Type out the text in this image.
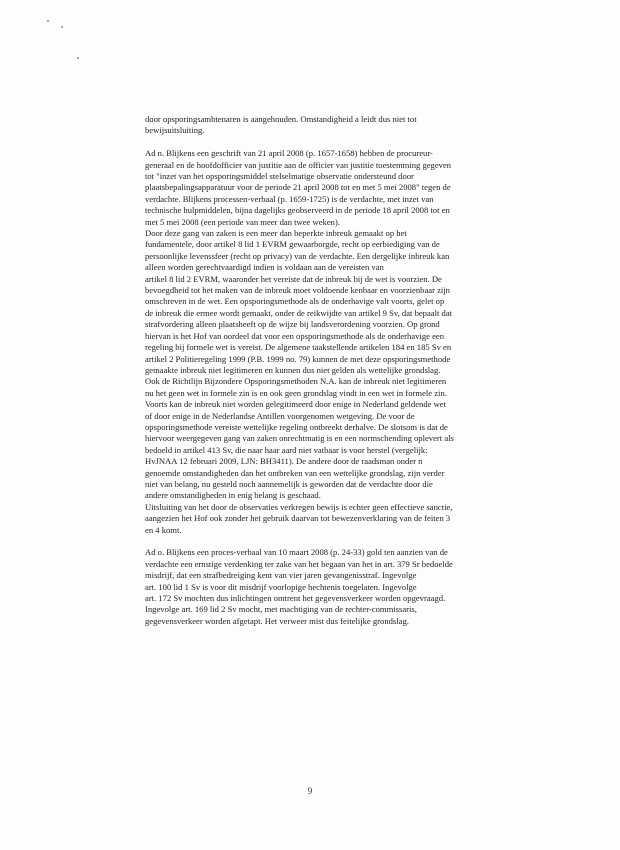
door opsporingsambtenaren is aangehouden. Omstandigheid a leidt dus niet tot
bewijsuitsluiting.
Ad n. Blijkens een geschrift van 21 april 2008 (p. 1657-1658) hebben de procureur-
generaal en de hoofdofficier van justitie aan de officier van justitie toestemming gegeven
tot "inzet van het opsporingsmiddel stelselmatige observatie ondersteund door
plaatsbepalingsapparatuur voor de periode 21 april 2008 tot en met 5 mei 2008" tegen de
verdachte. Blijkens processen-verbaal (p. 1659-1725) is de verdachte, met inzet van
technische hulpmiddelen, bijna dagelijks geobserveerd in de periode 18 april 2008 tot en
met 5 mei 2008 (een periode van meer dan twee weken).
Door deze gang van zaken is een meer dan beperkte inbreuk gemaakt op het
fundamentele, door artikel 8 lid 1 EVRM gewaarborgde, recht op eerbiediging van de
persoonlijke levenssfeer (recht op privacy) van de verdachte. Een dergelijke inbreuk kan
alleen worden gerechtvaardigd indien is voldaan aan de vereisten van
artikel 8 lid 2 EVRM, waaronder het vereiste dat de inbreuk bij de wet is voorzien. De
bevoegdheid tot het maken van de inbreuk moet voldoende kenbaar en voorzienbaar zijn
omschreven in de wet. Een opsporingsmethode als de onderhavige valt voorts, gelet op
de inbreuk die ermee wordt gemaakt, onder de reikwijdte van artikel 9 Sv, dat bepaalt dat
strafvordering alleen plaatsheeft op de wijze bij landsverordening voorzien. Op grond
hiervan is het Hof van oordeel dat voor een opsporingsmethode als de onderhavige een
regeling bij formele wet is vereist. De algemene taakstellende artikelen 184 en 185 Sv en
artikel 2 Politieregeling 1999 (P.B. 1999 no. 79) kunnen de met deze opsporingsmethode
gemaakte inbreuk niet legitimeren en kunnen dus niet gelden als wettelijke grondslag.
Ook de Richtlijn Bijzondere Opsporingsmethoden N.A. kan de inbreuk niet legitimeren
nu het geen wet in formele zin is en ook geen grondslag vindt in een wet in formele zin.
Voorts kan de inbreuk niet worden gelegitimeerd door enige in Nederland geldende wet
of door enige in de Nederlandse Antillen voorgenomen wetgeving. De voor de
opsporingsmethode vereiste wettelijke regeling ontbreekt derhalve. De slotsom is dat de
hiervoor weergegeven gang van zaken onrechtmatig is en een normschending oplevert als
bedoeld in artikel 413 Sv, die naar haar aard niet vatbaar is voor herstel (vergelijk:
HvJNAA 12 februari 2009, LJN: BH3411). De andere door de raadsman onder n
genoemde omstandigheden dan het ontbreken van een wettelijke grondslag, zijn verder
niet van belang, nu gesteld noch aannemelijk is geworden dat de verdachte door die
andere omstandigheden in enig belang is geschaad.
Uitsluiting van het door de observaties verkregen bewijs is echter geen effectieve sanctie,
aangezien het Hof ook zonder het gebruik daarvan tot bewezenverklaring van de feiten 3
en 4 komt.
Ad o. Blijkens een proces-verbaal van 10 maart 2008 (p. 24-33) gold ten aanzien van de
verdachte een ernstige verdenking ter zake van het begaan van het in art. 379 Sr bedoelde
misdrijf, dat een strafbedreiging kent van vier jaren gevangenisstraf. Ingevolge
art. 100 lid 1 Sv is voor dit misdrijf voorlopige hechtenis toegelaten. Ingevolge
art. 172 Sv mochten dus inlichtingen omtrent het gegevensverkeer worden opgevraagd.
Ingevolge art. 169 lid 2 Sv mocht, met machtiging van de rechter-commissaris,
gegevensverkeer worden afgetapt. Het verweer mist dus feitelijke grondslag.
9
